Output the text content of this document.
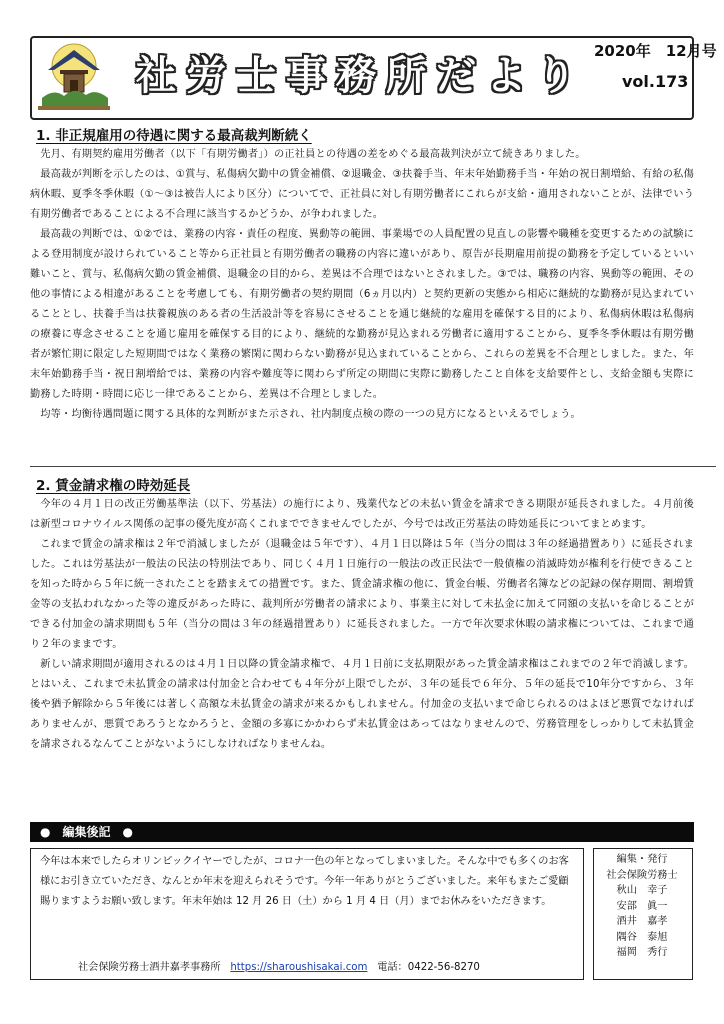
社労士事務所だより
2020年　12月号
vol.173
1. 非正規雇用の待遇に関する最高裁判断続く

先月、有期契約雇用労働者（以下「有期労働者」）の正社員との待遇の差をめぐる最高裁判決が立て続きありました。

最高裁が判断を示したのは、①賞与、私傷病欠勤中の賃金補償、②退職金、③扶養手当、年末年始勤務手当・年始の祝日割増給、有給の私傷病休暇、夏季冬季休暇（①～③は被告人により区分）についてで、正社員に対し有期労働者にこれらが支給・適用されないことが、法律でいう有期労働者であることによる不合理に該当するかどうか、が争われました。

最高裁の判断では、①②では、業務の内容・責任の程度、異動等の範囲、事業場での人員配置の見直しの影響や職種を変更するための試験による登用制度が設けられていること等から正社員と有期労働者の職務の内容に違いがあり、原告が長期雇用前提の勤務を予定しているといい難いこと、賞与、私傷病欠勤の賃金補償、退職金の目的から、差異は不合理ではないとされました。③では、職務の内容、異動等の範囲、その他の事情による相違があることを考慮しても、有期労働者の契約期間（6ヵ月以内）と契約更新の実態から相応に継続的な勤務が見込まれていることとし、扶養手当は扶養親族のある者の生活設計等を容易にさせることを通じ継続的な雇用を確保する目的により、私傷病休暇は私傷病の療養に専念させることを通じ雇用を確保する目的により、継続的な勤務が見込まれる労働者に適用することから、夏季冬季休暇は有期労働者が繁忙期に限定した短期間ではなく業務の繁閑に関わらない勤務が見込まれていることから、これらの差異を不合理としました。また、年末年始勤務手当・祝日割増給では、業務の内容や難度等に関わらず所定の期間に実際に勤務したこと自体を支給要件とし、支給金額も実際に勤務した時期・時間に応じ一律であることから、差異は不合理としました。

均等・均衡待遇問題に関する具体的な判断がまた示され、社内制度点検の際の一つの見方になるといえるでしょう。

2. 賃金請求権の時効延長

今年の４月１日の改正労働基準法（以下、労基法）の施行により、残業代などの未払い賃金を請求できる期限が延長されました。４月前後は新型コロナウイルス関係の記事の優先度が高くこれまでできませんでしたが、今号では改正労基法の時効延長についてまとめます。

これまで賃金の請求権は２年で消滅しましたが（退職金は５年です）、４月１日以降は５年（当分の間は３年の経過措置あり）に延長されました。これは労基法が一般法の民法の特別法であり、同じく４月１日施行の一般法の改正民法で一般債権の消滅時効が権利を行使できることを知った時から５年に統一されたことを踏まえての措置です。また、賃金請求権の他に、賃金台帳、労働者名簿などの記録の保存期間、割増賃金等の支払われなかった等の違反があった時に、裁判所が労働者の請求により、事業主に対して未払金に加えて同額の支払いを命じることができる付加金の請求期間も５年（当分の間は３年の経過措置あり）に延長されました。一方で年次要求休暇の請求権については、これまで通り２年のままです。

新しい請求期間が適用されるのは４月１日以降の賃金請求権で、４月１日前に支払期限があった賃金請求権はこれまでの２年で消滅します。とはいえ、これまで未払賃金の請求は付加金と合わせても４年分が上限でしたが、３年の延長で６年分、５年の延長で10年分ですから、３年後や猶予解除から５年後には著しく高額な未払賃金の請求が来るかもしれません。付加金の支払いまで命じられるのはよほど悪質でなければありませんが、悪質であろうとなかろうと、金額の多寡にかかわらず未払賃金はあってはなりませんので、労務管理をしっかりして未払賃金を請求されるなんてことがないようにしなければなりませんね。

●　編集後記　●
今年は本来でしたらオリンピックイヤーでしたが、コロナ一色の年となってしまいました。そんな中でも多くのお客様にお引き立ていただき、なんとか年末を迎えられそうです。今年一年ありがとうございました。来年もまたご愛顧賜りますようお願い致します。年末年始は 12 月 26 日（土）から 1 月 4 日（月）までお休みをいただきます。
社会保険労務士酒井嘉孝事務所 https://sharoushisakai.com 電話：0422-56-8270
編集・発行
社会保険労務士
秋山　幸子
安部　眞一
酒井　嘉孝
隅谷　泰旭
福岡　秀行
